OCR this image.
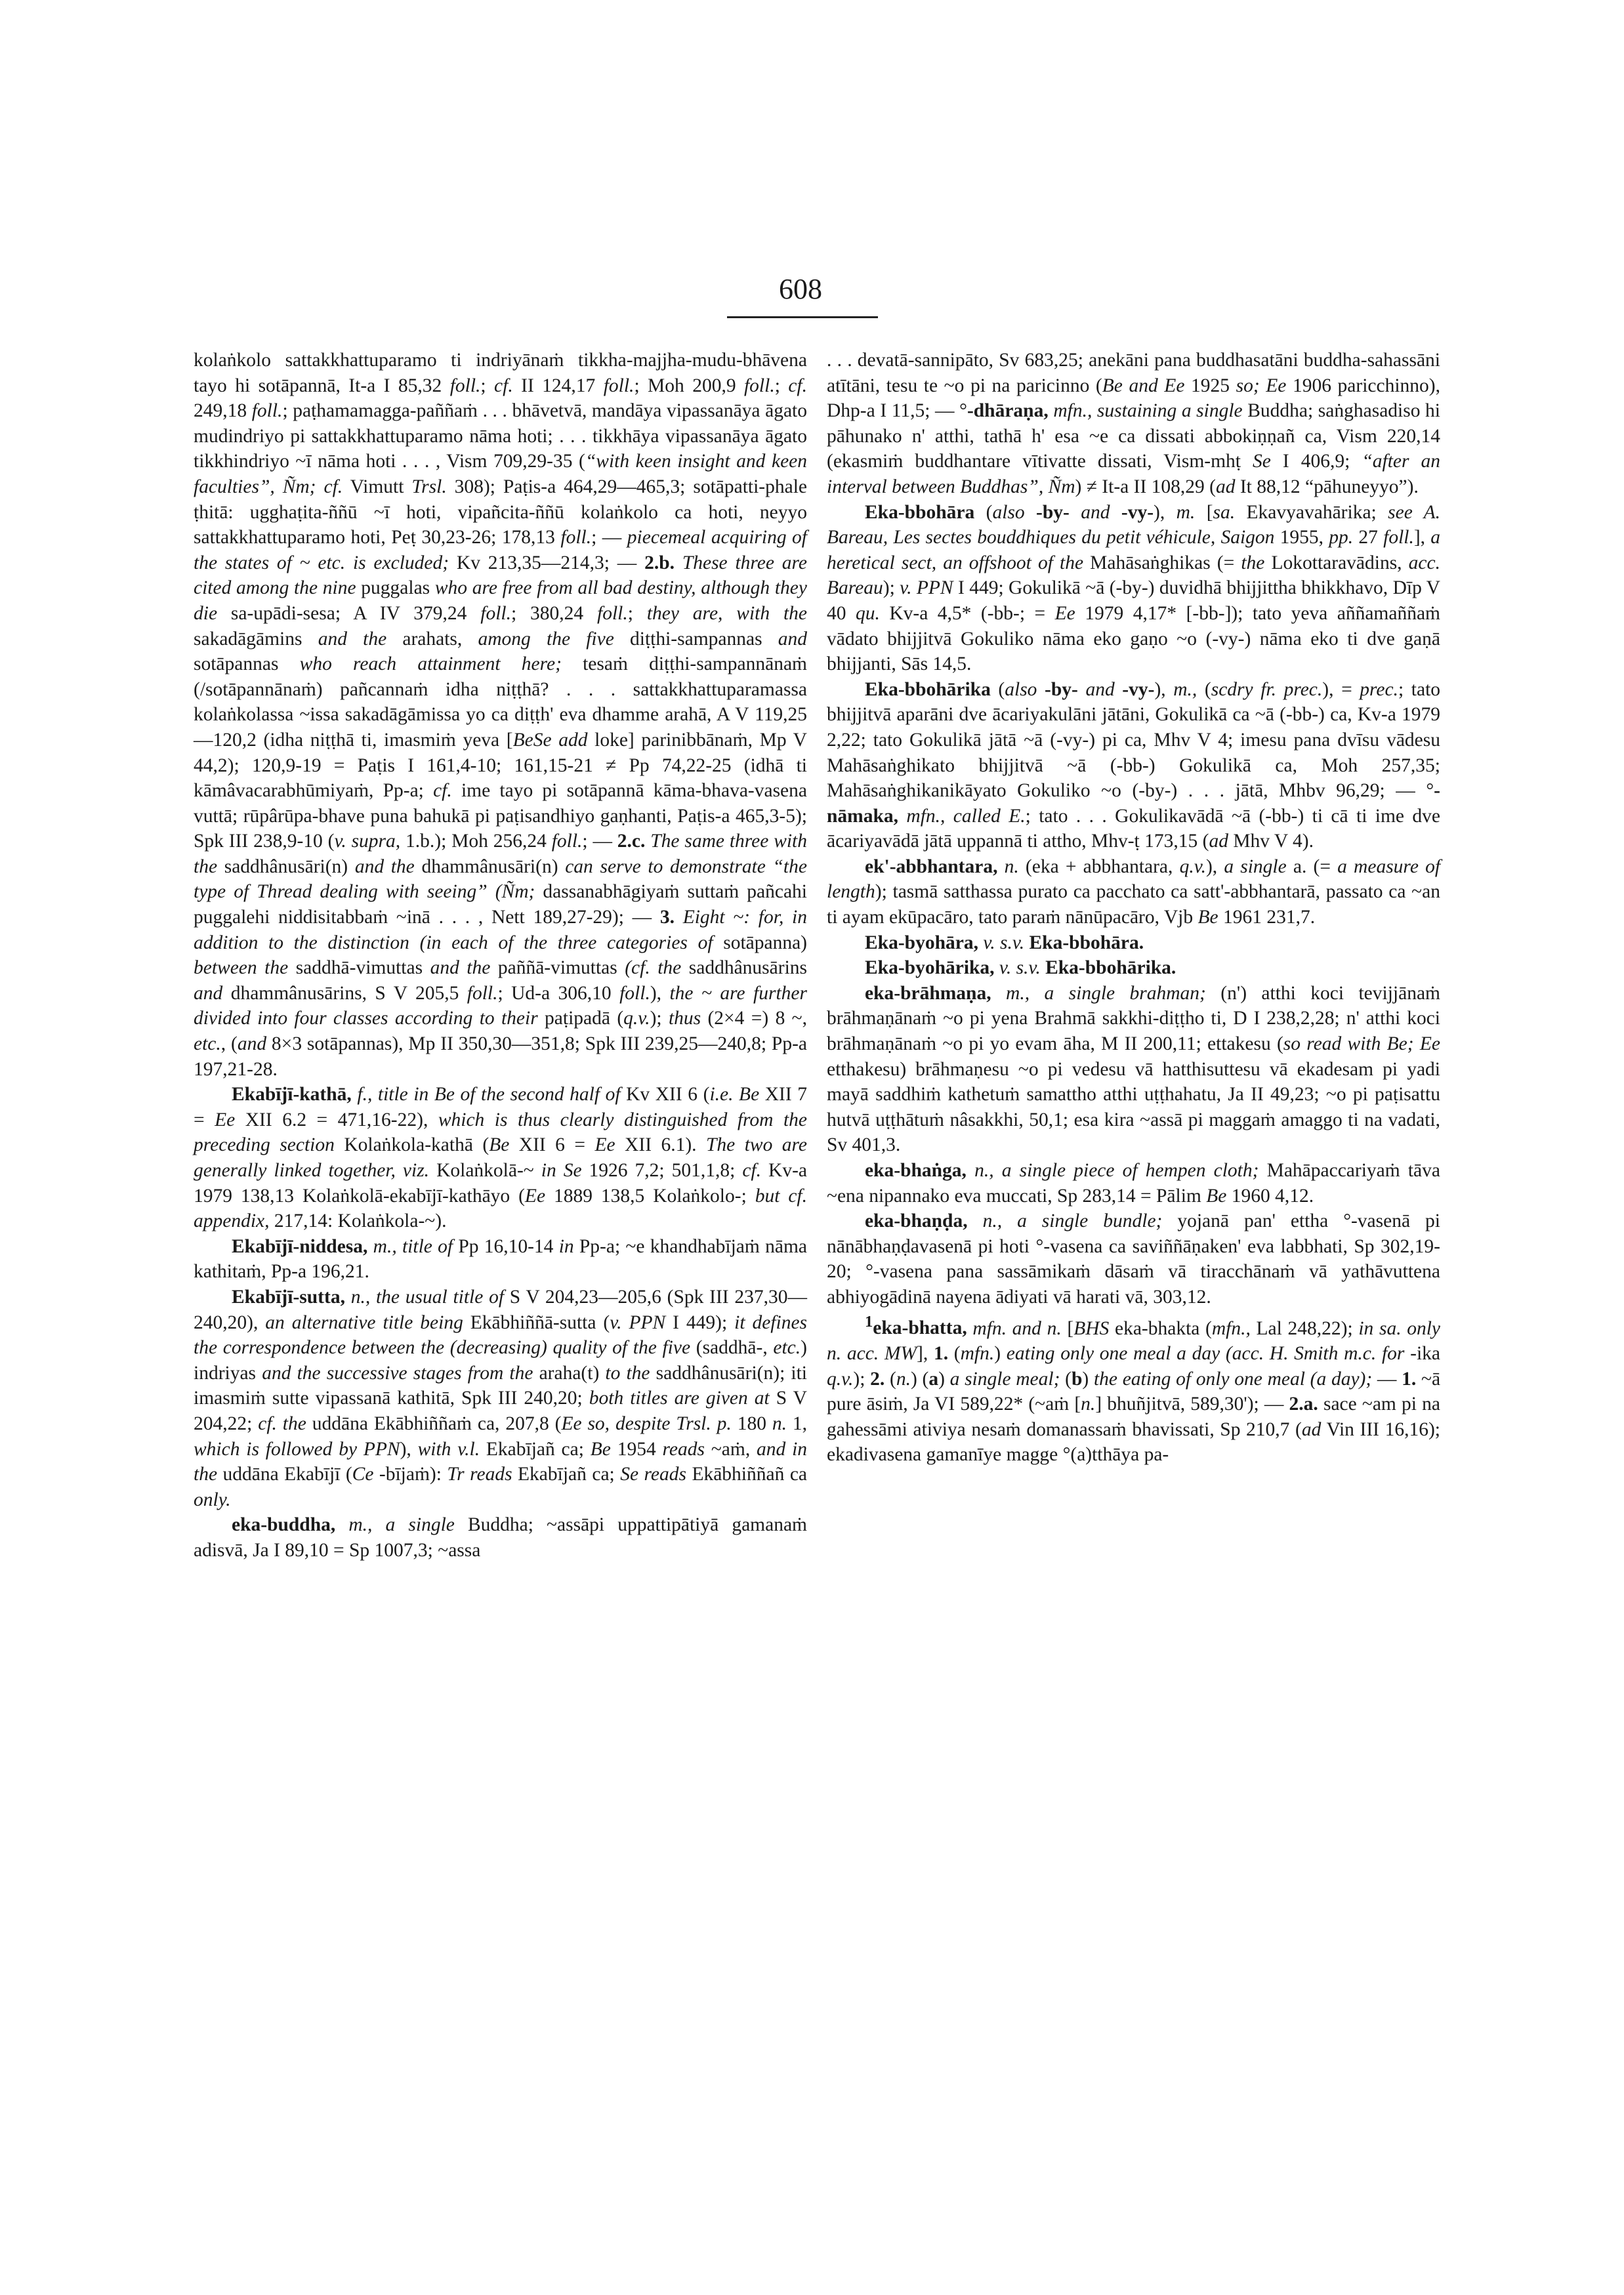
608

kolaṅkolo sattakkhattuparamo ti indriyānaṁ tikkha-majjha-mudu-bhāvena tayo hi sotāpannā, It-a I 85,32 foll.; cf. II 124,17 foll.; Moh 200,9 foll.; cf. 249,18 foll.; paṭhamamagga-paññaṁ . . . bhāvetvā, mandāya vipassanāya āgato mudindriyo pi sattakkhattuparamo nāma hoti; . . . tikkhāya vipassanāya āgato tikkhindriyo ~ī nāma hoti . . . , Vism 709,29-35 (“with keen insight and keen faculties”, Ñm; cf. Vimutt Trsl. 308); Paṭis-a 464,29—465,3; sotāpatti-phale ṭhitā: ugghaṭita-ññū ~ī hoti, vipañcita-ññū kolaṅkolo ca hoti, neyyo sattakkhattuparamo hoti, Peṭ 30,23-26; 178,13 foll.; — piecemeal acquiring of the states of ~ etc. is excluded; Kv 213,35—214,3; — 2.b. These three are cited among the nine puggalas who are free from all bad destiny, although they die sa-upādi-sesa; A IV 379,24 foll.; 380,24 foll.; they are, with the sakadāgāmins and the arahats, among the five diṭṭhi-sampannas and sotāpannas who reach attainment here; tesaṁ diṭṭhi-sampannānaṁ (/sotāpannānaṁ) pañcannaṁ idha niṭṭhā? . . . sattakkhattuparamassa kolaṅkolassa ~issa sakadāgāmissa yo ca diṭṭh' eva dhamme arahā, A V 119,25—120,2 (idha niṭṭhā ti, imasmiṁ yeva [BeSe add loke] parinibbānaṁ, Mp V 44,2); 120,9-19 = Paṭis I 161,4-10; 161,15-21 ≠ Pp 74,22-25 (idhā ti kāmâvacarabhūmiyaṁ, Pp-a; cf. ime tayo pi sotāpannā kāma-bhava-vasena vuttā; rūpârūpa-bhave puna bahukā pi paṭisandhiyo gaṇhanti, Paṭis-a 465,3-5); Spk III 238,9-10 (v. supra, 1.b.); Moh 256,24 foll.; — 2.c. The same three with the saddhânusāri(n) and the dhammânusāri(n) can serve to demonstrate “the type of Thread dealing with seeing” (Ñm; dassanabhāgiyaṁ suttaṁ pañcahi puggalehi niddisitabbaṁ ~inā . . . , Nett 189,27-29); — 3. Eight ~: for, in addition to the distinction (in each of the three categories of sotāpanna) between the saddhā-vimuttas and the paññā-vimuttas (cf. the saddhânusārins and dhammânusārins, S V 205,5 foll.; Ud-a 306,10 foll.), the ~ are further divided into four classes according to their paṭipadā (q.v.); thus (2×4 =) 8 ~, etc., (and 8×3 sotāpannas), Mp II 350,30—351,8; Spk III 239,25—240,8; Pp-a 197,21-28.

Ekabījī-kathā, f., title in Be of the second half of Kv XII 6 (i.e. Be XII 7 = Ee XII 6.2 = 471,16-22), which is thus clearly distinguished from the preceding section Kolaṅkola-kathā (Be XII 6 = Ee XII 6.1). The two are generally linked together, viz. Kolaṅkolā-~ in Se 1926 7,2; 501,1,8; cf. Kv-a 1979 138,13 Kolaṅkolā-ekabījī-kathāyo (Ee 1889 138,5 Kolaṅkolo-; but cf. appendix, 217,14: Kolaṅkola-~).

Ekabījī-niddesa, m., title of Pp 16,10-14 in Pp-a; ~e khandhabījaṁ nāma kathitaṁ, Pp-a 196,21.

Ekabījī-sutta, n., the usual title of S V 204,23—205,6 (Spk III 237,30—240,20), an alternative title being Ekābhiññā-sutta (v. PPN I 449); it defines the correspondence between the (decreasing) quality of the five (saddhā-, etc.) indriyas and the successive stages from the araha(t) to the saddhânusāri(n); iti imasmiṁ sutte vipassanā kathitā, Spk III 240,20; both titles are given at S V 204,22; cf. the uddāna Ekābhiññaṁ ca, 207,8 (Ee so, despite Trsl. p. 180 n. 1, which is followed by PPN), with v.l. Ekabījañ ca; Be 1954 reads ~aṁ, and in the uddāna Ekabījī (Ce -bījaṁ): Tr reads Ekabījañ ca; Se reads Ekābhiññañ ca only.

eka-buddha, m., a single Buddha; ~assāpi uppattipātiyā gamanaṁ adisvā, Ja I 89,10 = Sp 1007,3; ~assa

. . . devatā-sannipāto, Sv 683,25; anekāni pana buddhasatāni buddha-sahassāni atītāni, tesu te ~o pi na paricinno (Be and Ee 1925 so; Ee 1906 paricchinno), Dhp-a I 11,5; — °-dhāraṇa, mfn., sustaining a single Buddha; saṅghasadiso hi pāhunako n' atthi, tathā h' esa ~e ca dissati abbokiṇṇañ ca, Vism 220,14 (ekasmiṁ buddhantare vītivatte dissati, Vism-mhṭ Se I 406,9; “after an interval between Buddhas”, Ñm) ≠ It-a II 108,29 (ad It 88,12 “pāhuneyyo”).

Eka-bbohāra (also -by- and -vy-), m. [sa. Ekavyavahārika; see A. Bareau, Les sectes bouddhiques du petit véhicule, Saigon 1955, pp. 27 foll.], a heretical sect, an offshoot of the Mahāsaṅghikas (= the Lokottaravādins, acc. Bareau); v. PPN I 449; Gokulikā ~ā (-by-) duvidhā bhijjittha bhikkhavo, Dīp V 40 qu. Kv-a 4,5* (-bb-; = Ee 1979 4,17* [-bb-]); tato yeva aññamaññaṁ vādato bhijjitvā Gokuliko nāma eko gaṇo ~o (-vy-) nāma eko ti dve gaṇā bhijjanti, Sās 14,5.

Eka-bbohārika (also -by- and -vy-), m., (scdry fr. prec.), = prec.; tato bhijjitvā aparāni dve ācariyakulāni jātāni, Gokulikā ca ~ā (-bb-) ca, Kv-a 1979 2,22; tato Gokulikā jātā ~ā (-vy-) pi ca, Mhv V 4; imesu pana dvīsu vādesu Mahāsaṅghikato bhijjitvā ~ā (-bb-) Gokulikā ca, Moh 257,35; Mahāsaṅghikanikāyato Gokuliko ~o (-by-) . . . jātā, Mhbv 96,29; — °-nāmaka, mfn., called E.; tato . . . Gokulikavādā ~ā (-bb-) ti cā ti ime dve ācariyavādā jātā uppannā ti attho, Mhv-ṭ 173,15 (ad Mhv V 4).

ek'-abbhantara, n. (eka + abbhantara, q.v.), a single a. (= a measure of length); tasmā satthassa purato ca pacchato ca satt'-abbhantarā, passato ca ~an ti ayam ekūpacāro, tato paraṁ nānūpacāro, Vjb Be 1961 231,7.

Eka-byohāra, v. s.v. Eka-bbohāra.

Eka-byohārika, v. s.v. Eka-bbohārika.

eka-brāhmaṇa, m., a single brahman; (n') atthi koci tevijjānaṁ brāhmaṇānaṁ ~o pi yena Brahmā sakkhi-diṭṭho ti, D I 238,2,28; n' atthi koci brāhmaṇānaṁ ~o pi yo evam āha, M II 200,11; ettakesu (so read with Be; Ee etthakesu) brāhmaṇesu ~o pi vedesu vā hatthisuttesu vā ekadesam pi yadi mayā saddhiṁ kathetuṁ samattho atthi uṭṭhahatu, Ja II 49,23; ~o pi paṭisattu hutvā uṭṭhātuṁ nâsakkhi, 50,1; esa kira ~assā pi maggaṁ amaggo ti na vadati, Sv 401,3.

eka-bhaṅga, n., a single piece of hempen cloth; Mahāpaccariyaṁ tāva ~ena nipannako eva muccati, Sp 283,14 = Pālim Be 1960 4,12.

eka-bhaṇḍa, n., a single bundle; yojanā pan' ettha °-vasenā pi nānābhaṇḍavasenā pi hoti °-vasena ca saviññāṇaken' eva labbhati, Sp 302,19-20; °-vasena pana sassāmikaṁ dāsaṁ vā tiracchānaṁ vā yathāvuttena abhiyogādinā nayena ādiyati vā harati vā, 303,12.

$^1$eka-bhatta, mfn. and n. [BHS eka-bhakta (mfn., Lal 248,22); in sa. only n. acc. MW], 1. (mfn.) eating only one meal a day (acc. H. Smith m.c. for -ika q.v.); 2. (n.) (a) a single meal; (b) the eating of only one meal (a day); — 1. ~ā pure āsiṁ, Ja VI 589,22* (~aṁ [n.] bhuñjitvā, 589,30'); — 2.a. sace ~am pi na gahessāmi ativiya nesaṁ domanassaṁ bhavissati, Sp 210,7 (ad Vin III 16,16); ekadivasena gamanīye magge °(a)tthāya pa-
